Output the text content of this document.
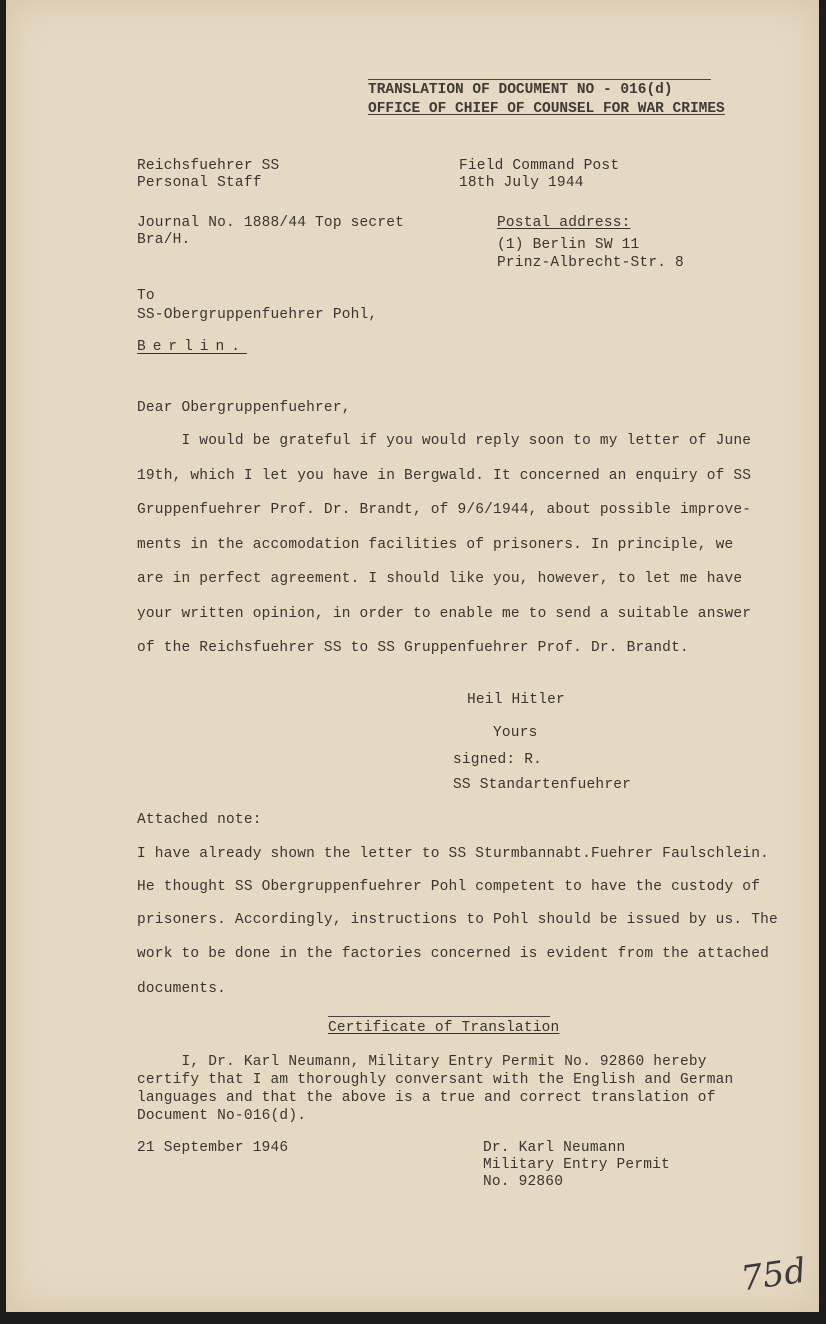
TRANSLATION OF DOCUMENT NO - 016(d)
OFFICE OF CHIEF OF COUNSEL FOR WAR CRIMES
Reichsfuehrer SS
Personal Staff
Field Command Post
18th July 1944
Journal No. 1888/44 Top secret
Bra/H.
Postal address:
(1) Berlin SW 11
Prinz-Albrecht-Str. 8
To
SS-Obergruppenfuehrer Pohl,
Berlin.
Dear Obergruppenfuehrer,
I would be grateful if you would reply soon to my letter of June
19th, which I let you have in Bergwald. It concerned an enquiry of SS
Gruppenfuehrer Prof. Dr. Brandt, of 9/6/1944, about possible improve-
ments in the accomodation facilities of prisoners. In principle, we
are in perfect agreement. I should like you, however, to let me have
your written opinion, in order to enable me to send a suitable answer
of the Reichsfuehrer SS to SS Gruppenfuehrer Prof. Dr. Brandt.
Heil Hitler
Yours
signed: R.
SS Standartenfuehrer
Attached note:
I have already shown the letter to SS Sturmbannabt.Fuehrer Faulschlein.
He thought SS Obergruppenfuehrer Pohl competent to have the custody of
prisoners. Accordingly, instructions to Pohl should be issued by us. The
work to be done in the factories concerned is evident from the attached
documents.
Certificate of Translation
I, Dr. Karl Neumann, Military Entry Permit No. 92860 hereby
certify that I am thoroughly conversant with the English and German
languages and that the above is a true and correct translation of
Document No-016(d).
21 September 1946	Dr. Karl Neumann
Military Entry Permit
No. 92860
75d
